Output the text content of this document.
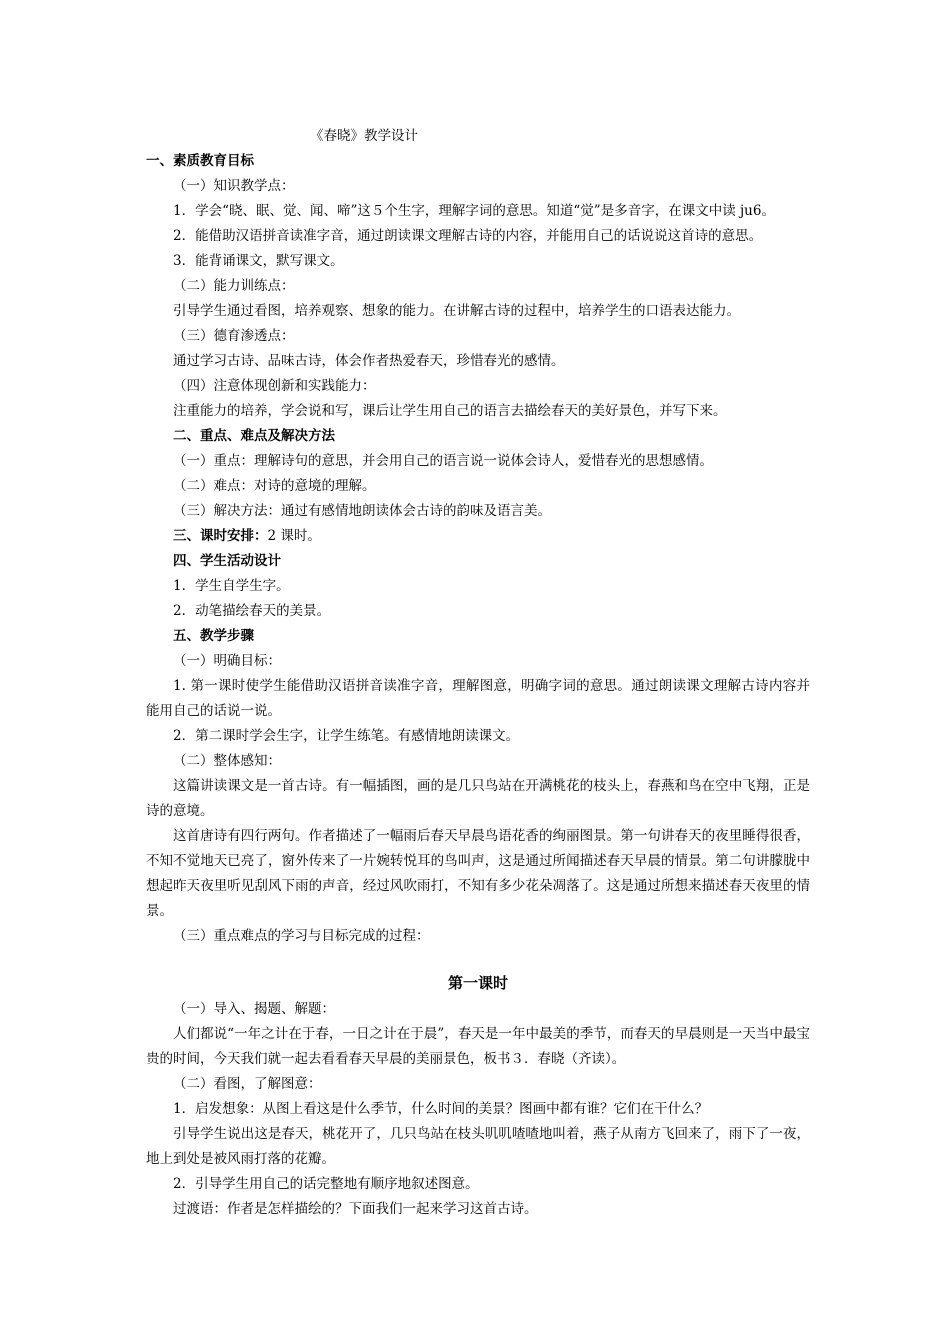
《春晓》教学设计
一、素质教育目标
（一）知识教学点：
1．学会“晓、眠、觉、闻、啼”这５个生字，理解字词的意思。知道“觉”是多音字，在课文中读 ju6。
2．能借助汉语拼音读准字音，通过朗读课文理解古诗的内容，并能用自己的话说说这首诗的意思。
3．能背诵课文，默写课文。
（二）能力训练点：
引导学生通过看图，培养观察、想象的能力。在讲解古诗的过程中，培养学生的口语表达能力。
（三）德育渗透点：
通过学习古诗、品味古诗，体会作者热爱春天，珍惜春光的感情。
（四）注意体现创新和实践能力：
注重能力的培养，学会说和写，课后让学生用自己的语言去描绘春天的美好景色，并写下来。
二、重点、难点及解决方法
（一）重点：理解诗句的意思，并会用自己的语言说一说体会诗人，爱惜春光的思想感情。
（二）难点：对诗的意境的理解。
（三）解决方法：通过有感情地朗读体会古诗的韵味及语言美。
三、课时安排：2 课时。
四、学生活动设计
1．学生自学生字。
2．动笔描绘春天的美景。
五、教学步骤
（一）明确目标：
1. 第一课时使学生能借助汉语拼音读准字音，理解图意，明确字词的意思。通过朗读课文理解古诗内容并能用自己的话说一说。
2．第二课时学会生字，让学生练笔。有感情地朗读课文。
（二）整体感知：
这篇讲读课文是一首古诗。有一幅插图，画的是几只鸟站在开满桃花的枝头上，春燕和鸟在空中飞翔，正是诗的意境。
这首唐诗有四行两句。作者描述了一幅雨后春天早晨鸟语花香的绚丽图景。第一句讲春天的夜里睡得很香，不知不觉地天已亮了，窗外传来了一片婉转悦耳的鸟叫声，这是通过所闻描述春天早晨的情景。第二句讲朦胧中想起昨天夜里听见刮风下雨的声音，经过风吹雨打，不知有多少花朵凋落了。这是通过所想来描述春天夜里的情景。
（三）重点难点的学习与目标完成的过程：
第一课时
（一）导入、揭题、解题：
人们都说“一年之计在于春，一日之计在于晨”，春天是一年中最美的季节，而春天的早晨则是一天当中最宝贵的时间，今天我们就一起去看看春天早晨的美丽景色，板书３．春晓（齐读）。
（二）看图，了解图意：
1．启发想象：从图上看这是什么季节，什么时间的美景？图画中都有谁？它们在干什么？
引导学生说出这是春天，桃花开了，几只鸟站在枝头叽叽喳喳地叫着，燕子从南方飞回来了，雨下了一夜，地上到处是被风雨打落的花瓣。
2．引导学生用自己的话完整地有顺序地叙述图意。
过渡语：作者是怎样描绘的？下面我们一起来学习这首古诗。
